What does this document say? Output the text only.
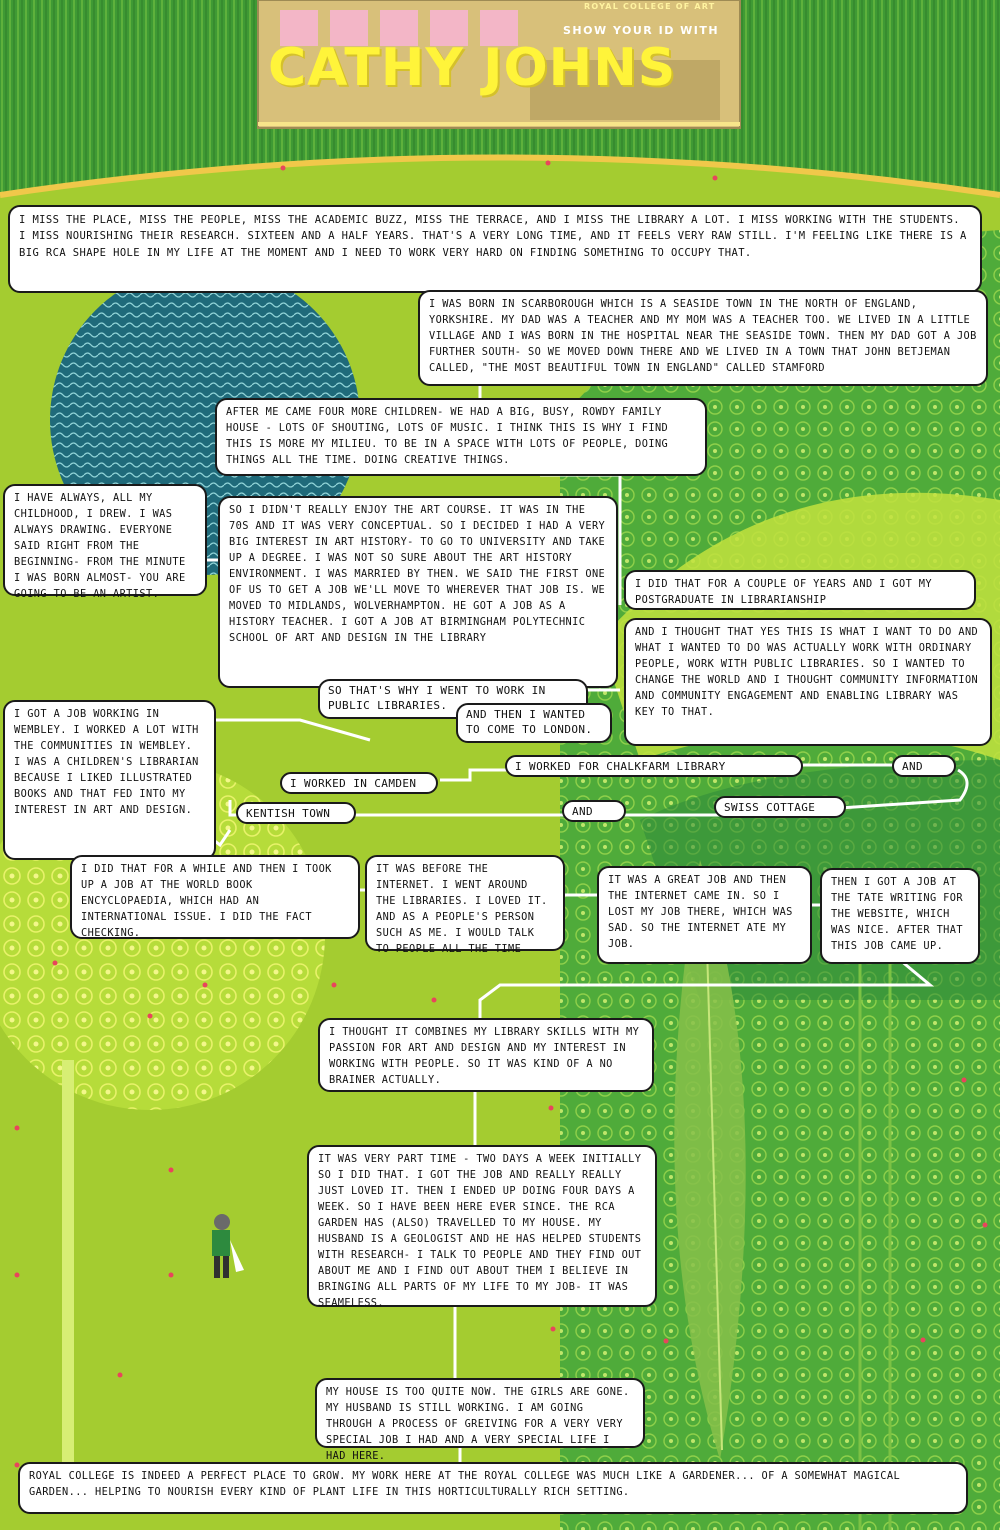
ROYAL COLLEGE OF ART
SHOW YOUR ID WITH
CATHY JOHNS
I MISS THE PLACE, MISS THE PEOPLE, MISS THE ACADEMIC BUZZ, MISS THE TERRACE, AND I MISS THE LIBRARY A LOT. I MISS WORKING WITH THE STUDENTS. I MISS NOURISHING THEIR RESEARCH. SIXTEEN AND A HALF YEARS. THAT'S A VERY LONG TIME, AND IT FEELS VERY RAW STILL. I'M FEELING LIKE THERE IS A BIG RCA SHAPE HOLE IN MY LIFE AT THE MOMENT AND I NEED TO WORK VERY HARD ON FINDING SOMETHING TO OCCUPY THAT.
I WAS BORN IN SCARBOROUGH WHICH IS A SEASIDE TOWN IN THE NORTH OF ENGLAND, YORKSHIRE. MY DAD WAS A TEACHER AND MY MOM WAS A TEACHER TOO. WE LIVED IN A LITTLE VILLAGE AND I WAS BORN IN THE HOSPITAL NEAR THE SEASIDE TOWN. THEN MY DAD GOT A JOB FURTHER SOUTH- SO WE MOVED DOWN THERE AND WE LIVED IN A TOWN THAT JOHN BETJEMAN CALLED, "THE MOST BEAUTIFUL TOWN IN ENGLAND" CALLED STAMFORD
AFTER ME CAME FOUR MORE CHILDREN- WE HAD A BIG, BUSY, ROWDY FAMILY HOUSE - LOTS OF SHOUTING, LOTS OF MUSIC. I THINK THIS IS WHY I FIND THIS IS MORE MY MILIEU. TO BE IN A SPACE WITH LOTS OF PEOPLE, DOING THINGS ALL THE TIME. DOING CREATIVE THINGS.
I HAVE ALWAYS, ALL MY CHILDHOOD, I DREW. I WAS ALWAYS DRAWING. EVERYONE SAID RIGHT FROM THE BEGINNING- FROM THE MINUTE I WAS BORN ALMOST- YOU ARE GOING TO BE AN ARTIST.
SO I DIDN'T REALLY ENJOY THE ART COURSE. IT WAS IN THE 70S AND IT WAS VERY CONCEPTUAL. SO I DECIDED I HAD A VERY BIG INTEREST IN ART HISTORY- TO GO TO UNIVERSITY AND TAKE UP A DEGREE. I WAS NOT SO SURE ABOUT THE ART HISTORY ENVIRONMENT. I WAS MARRIED BY THEN. WE SAID THE FIRST ONE OF US TO GET A JOB WE'LL MOVE TO WHEREVER THAT JOB IS. WE MOVED TO MIDLANDS, WOLVERHAMPTON. HE GOT A JOB AS A HISTORY TEACHER. I GOT A JOB AT BIRMINGHAM POLYTECHNIC SCHOOL OF ART AND DESIGN IN THE LIBRARY
I DID THAT FOR A COUPLE OF YEARS AND I GOT MY POSTGRADUATE IN LIBRARIANSHIP
AND I THOUGHT THAT YES THIS IS WHAT I WANT TO DO AND WHAT I WANTED TO DO WAS ACTUALLY WORK WITH ORDINARY PEOPLE, WORK WITH PUBLIC LIBRARIES. SO I WANTED TO CHANGE THE WORLD AND I THOUGHT COMMUNITY INFORMATION AND COMMUNITY ENGAGEMENT AND ENABLING LIBRARY WAS KEY TO THAT.
SO THAT'S WHY I WENT TO WORK IN PUBLIC LIBRARIES.
AND THEN I WANTED TO COME TO LONDON.
I GOT A JOB WORKING IN WEMBLEY. I WORKED A LOT WITH THE COMMUNITIES IN WEMBLEY. I WAS A CHILDREN'S LIBRARIAN BECAUSE I LIKED ILLUSTRATED BOOKS AND THAT FED INTO MY INTEREST IN ART AND DESIGN.
I WORKED IN CAMDEN
I WORKED FOR CHALKFARM LIBRARY	AND
KENTISH TOWN	AND	SWISS COTTAGE
I DID THAT FOR A WHILE AND THEN I TOOK UP A JOB AT THE WORLD BOOK ENCYCLOPAEDIA, WHICH HAD AN INTERNATIONAL ISSUE. I DID THE FACT CHECKING.
IT WAS BEFORE THE INTERNET. I WENT AROUND THE LIBRARIES. I LOVED IT. AND AS A PEOPLE'S PERSON SUCH AS ME. I WOULD TALK TO PEOPLE ALL THE TIME
IT WAS A GREAT JOB AND THEN THE INTERNET CAME IN. SO I LOST MY JOB THERE, WHICH WAS SAD. SO THE INTERNET ATE MY JOB.
THEN I GOT A JOB AT THE TATE WRITING FOR THE WEBSITE, WHICH WAS NICE. AFTER THAT THIS JOB CAME UP.
I THOUGHT IT COMBINES MY LIBRARY SKILLS WITH MY PASSION FOR ART AND DESIGN AND MY INTEREST IN WORKING WITH PEOPLE. SO IT WAS KIND OF A NO BRAINER ACTUALLY.
IT WAS VERY PART TIME - TWO DAYS A WEEK INITIALLY SO I DID THAT. I GOT THE JOB AND REALLY REALLY JUST LOVED IT. THEN I ENDED UP DOING FOUR DAYS A WEEK. SO I HAVE BEEN HERE EVER SINCE. THE RCA GARDEN HAS (ALSO) TRAVELLED TO MY HOUSE. MY HUSBAND IS A GEOLOGIST AND HE HAS HELPED STUDENTS WITH RESEARCH- I TALK TO PEOPLE AND THEY FIND OUT ABOUT ME AND I FIND OUT ABOUT THEM I BELIEVE IN BRINGING ALL PARTS OF MY LIFE TO MY JOB- IT WAS SEAMELESS.
MY HOUSE IS TOO QUITE NOW. THE GIRLS ARE GONE. MY HUSBAND IS STILL WORKING. I AM GOING THROUGH A PROCESS OF GREIVING FOR A VERY VERY SPECIAL JOB I HAD AND A VERY SPECIAL LIFE I HAD HERE.
ROYAL COLLEGE IS INDEED A PERFECT PLACE TO GROW. MY WORK HERE AT THE ROYAL COLLEGE WAS MUCH LIKE A GARDENER... OF A SOMEWHAT MAGICAL GARDEN... HELPING TO NOURISH EVERY KIND OF PLANT LIFE IN THIS HORTICULTURALLY RICH SETTING.
